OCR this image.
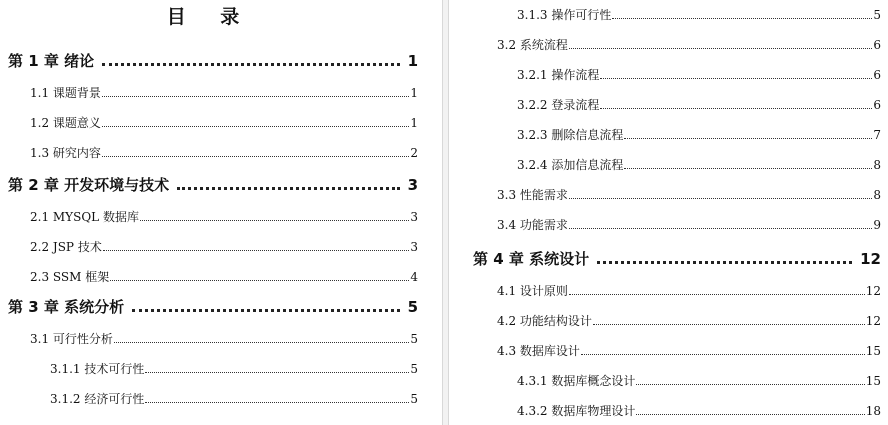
目 录
第 1 章 绪论	1
1.1 课题背景	1
1.2 课题意义	1
1.3 研究内容	2
第 2 章 开发环境与技术	3
2.1 MYSQL 数据库	3
2.2 JSP 技术	3
2.3 SSM 框架	4
第 3 章 系统分析	5
3.1 可行性分析	5
3.1.1 技术可行性	5
3.1.2 经济可行性	5
3.1.3 操作可行性	5
3.2 系统流程	6
3.2.1 操作流程	6
3.2.2 登录流程	6
3.2.3 删除信息流程	7
3.2.4 添加信息流程	8
3.3 性能需求	8
3.4 功能需求	9
第 4 章 系统设计	12
4.1 设计原则	12
4.2 功能结构设计	12
4.3 数据库设计	15
4.3.1 数据库概念设计	15
4.3.2 数据库物理设计	18
